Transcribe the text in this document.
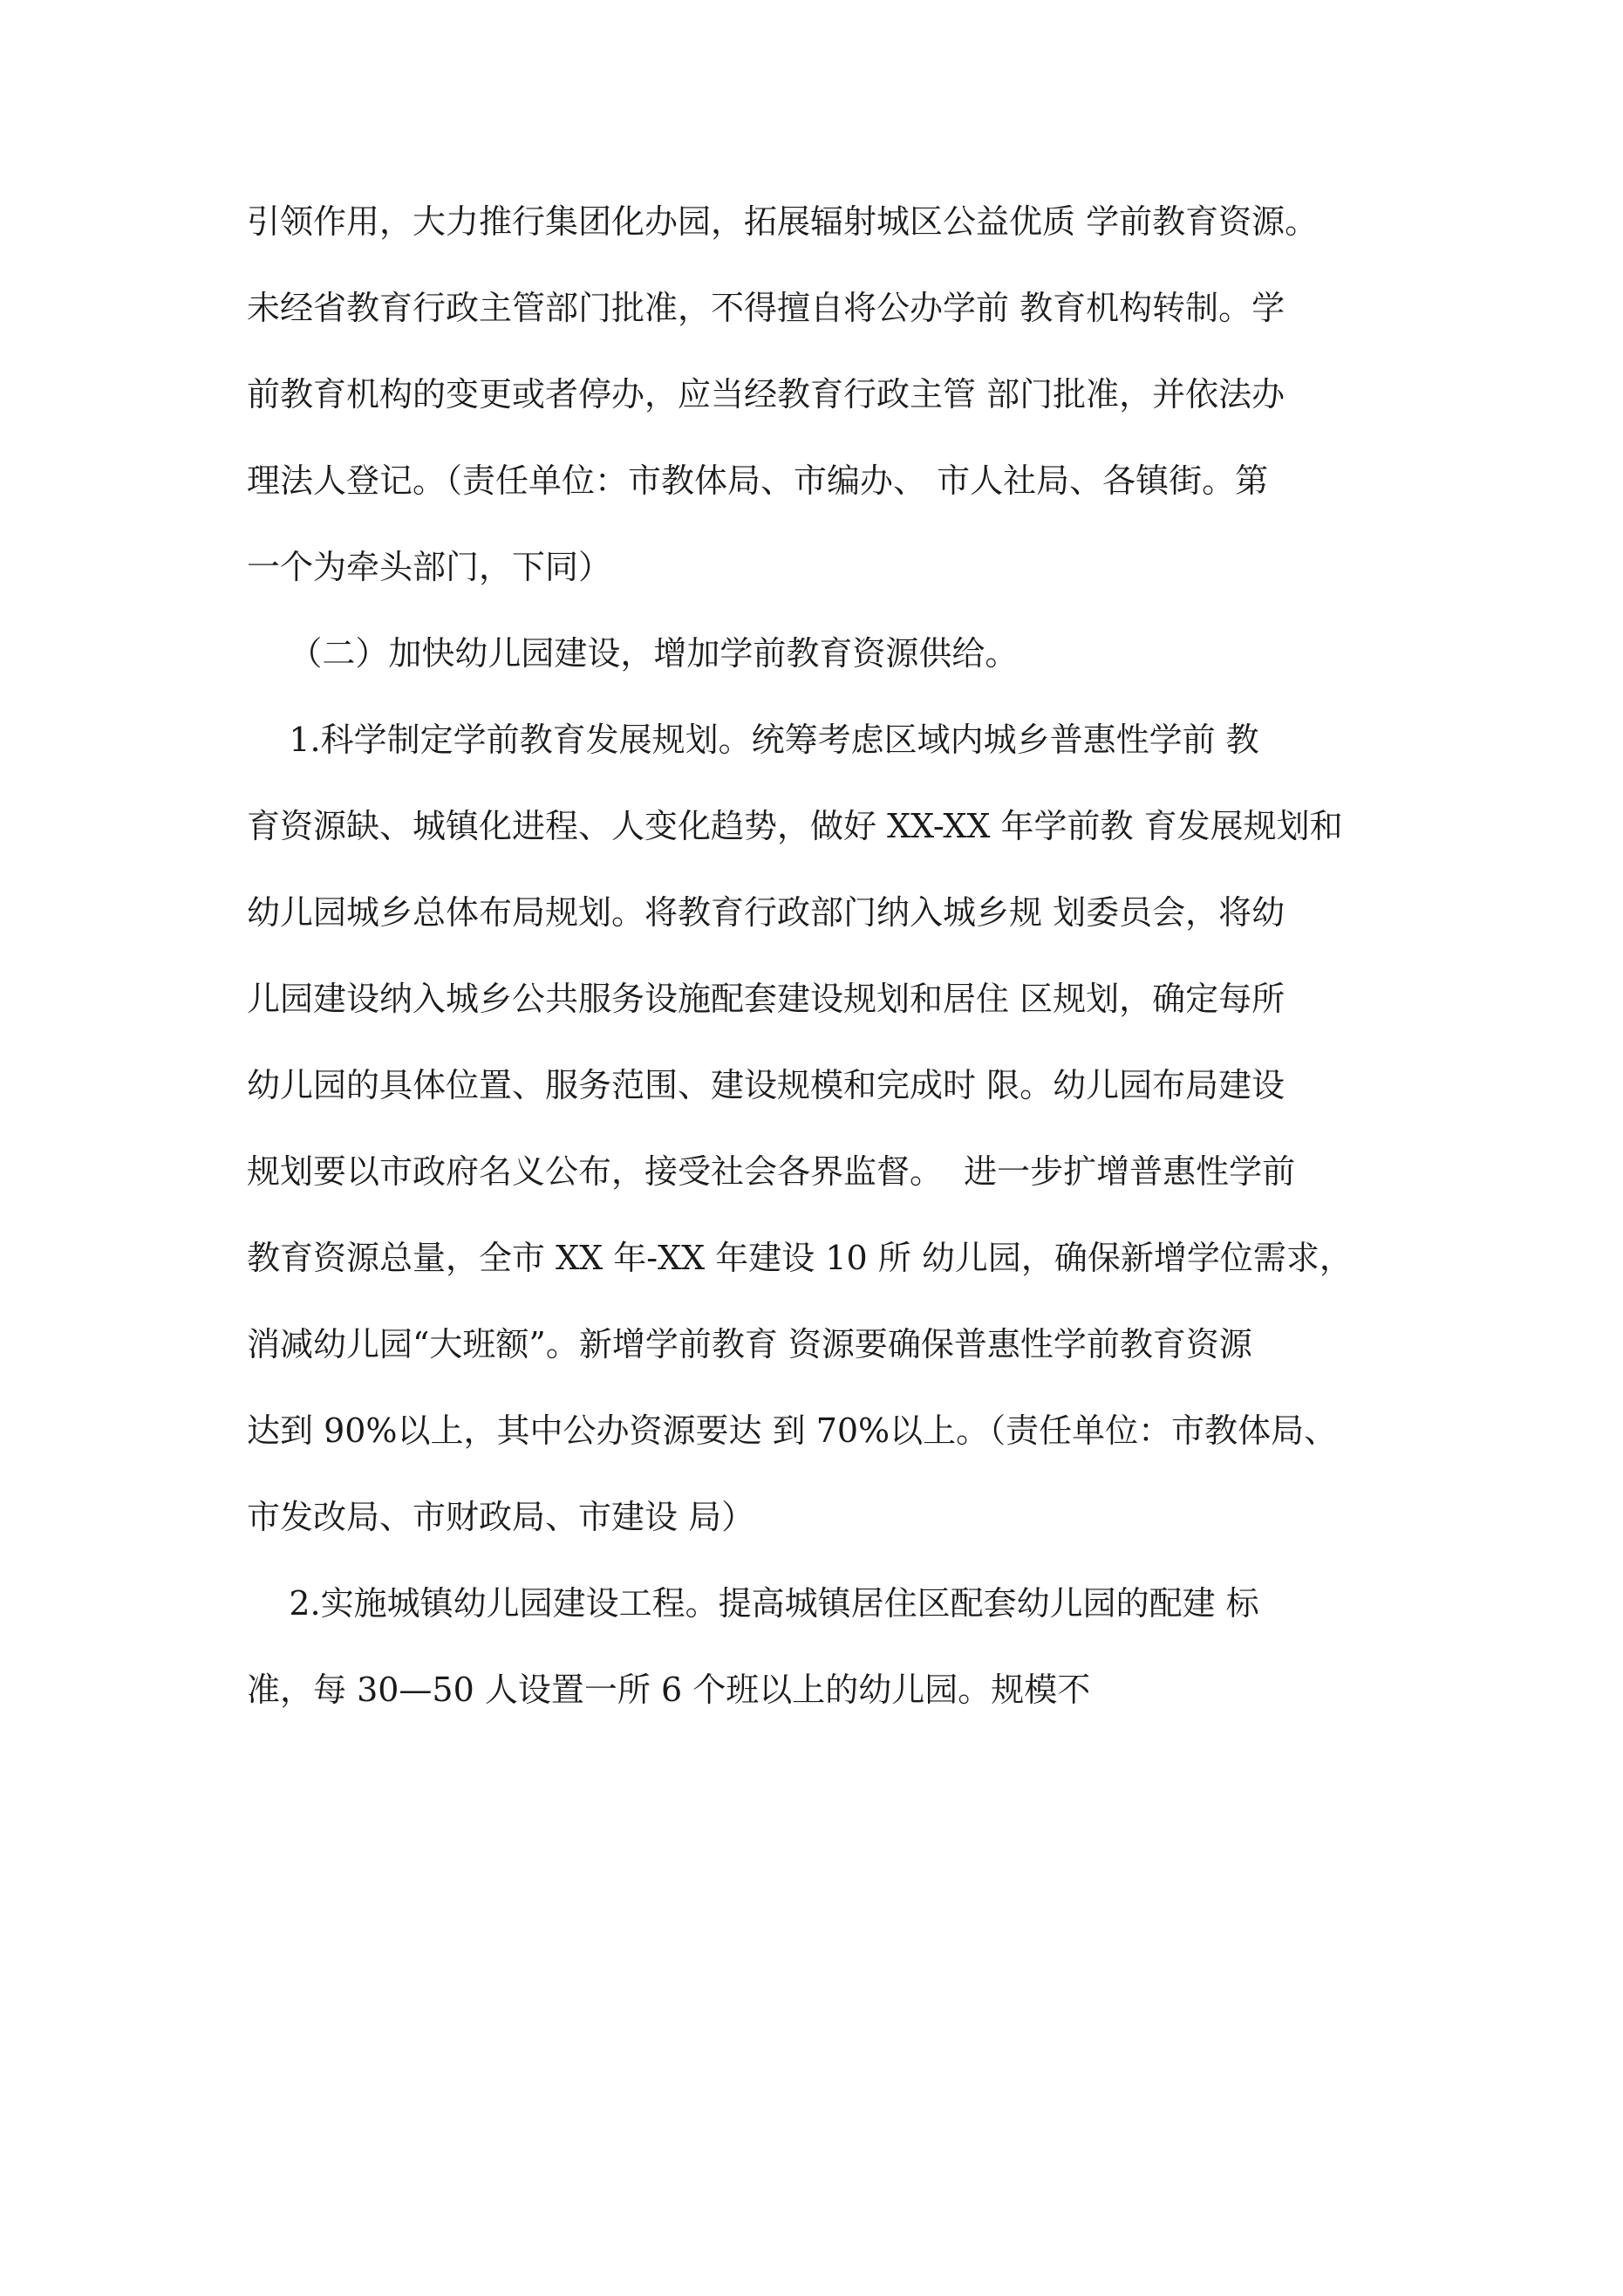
引领作用，大力推行集团化办园，拓展辐射城区公益优质 学前教育资源。
未经省教育行政主管部门批准，不得擅自将公办学前 教育机构转制。学
前教育机构的变更或者停办，应当经教育行政主管 部门批准，并依法办
理法人登记。（责任单位：市教体局、市编办、 市人社局、各镇街。第
一个为牵头部门，下同）
（二）加快幼儿园建设，增加学前教育资源供给。
1.科学制定学前教育发展规划。统筹考虑区域内城乡普惠性学前 教
育资源缺、城镇化进程、人变化趋势，做好 XX-XX 年学前教 育发展规划和
幼儿园城乡总体布局规划。将教育行政部门纳入城乡规 划委员会，将幼
儿园建设纳入城乡公共服务设施配套建设规划和居住 区规划，确定每所
幼儿园的具体位置、服务范围、建设规模和完成时 限。幼儿园布局建设
规划要以市政府名义公布，接受社会各界监督。  进一步扩增普惠性学前
教育资源总量，全市 XX 年-XX 年建设 10 所 幼儿园，确保新增学位需求，
消减幼儿园“大班额”。新增学前教育 资源要确保普惠性学前教育资源
达到 90%以上，其中公办资源要达 到 70%以上。（责任单位：市教体局、
市发改局、市财政局、市建设 局）
2.实施城镇幼儿园建设工程。提高城镇居住区配套幼儿园的配建 标
准，每 30—50 人设置一所 6 个班以上的幼儿园。规模不
